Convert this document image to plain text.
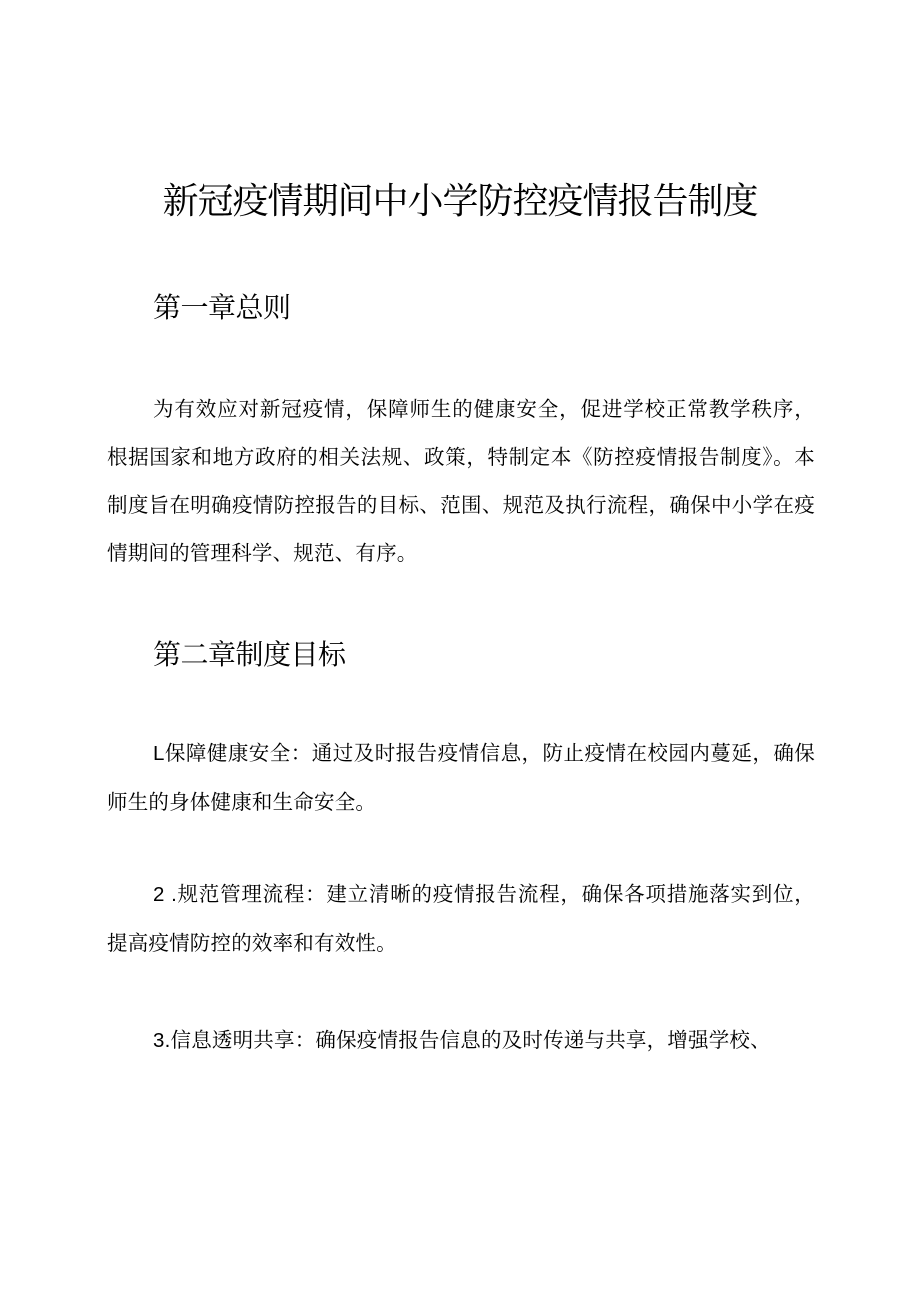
新冠疫情期间中小学防控疫情报告制度
第一章总则

为有效应对新冠疫情，保障师生的健康安全，促进学校正常教学秩序，根据国家和地方政府的相关法规、政策，特制定本《防控疫情报告制度》。本制度旨在明确疫情防控报告的目标、范围、规范及执行流程，确保中小学在疫情期间的管理科学、规范、有序。

第二章制度目标

L保障健康安全：通过及时报告疫情信息，防止疫情在校园内蔓延，确保师生的身体健康和生命安全。

2 .规范管理流程：建立清晰的疫情报告流程，确保各项措施落实到位，提高疫情防控的效率和有效性。

3.信息透明共享：确保疫情报告信息的及时传递与共享，增强学校、
